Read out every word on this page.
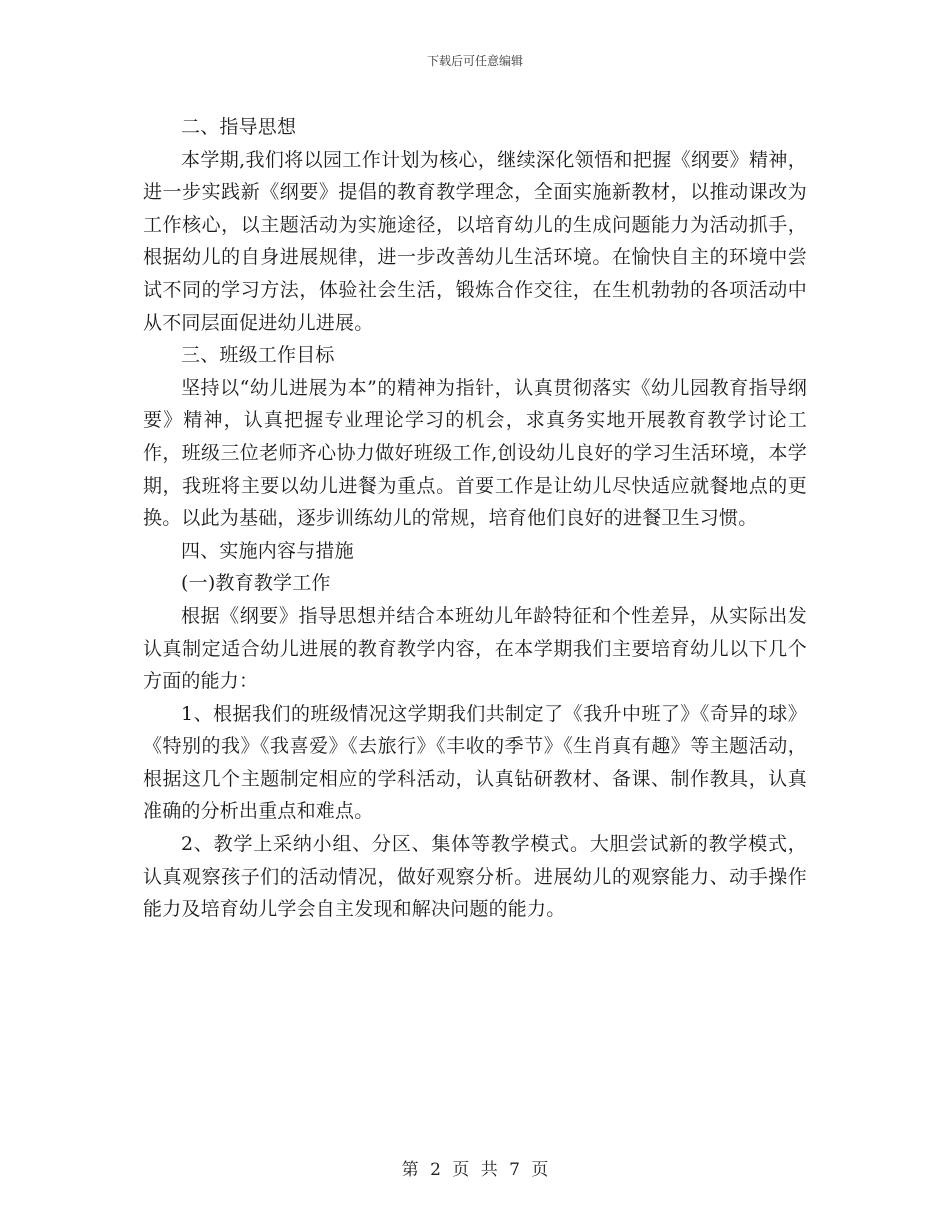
下载后可任意编辑

二、指导思想

本学期,我们将以园工作计划为核心，继续深化领悟和把握《纲要》精神，进一步实践新《纲要》提倡的教育教学理念，全面实施新教材，以推动课改为工作核心，以主题活动为实施途径，以培育幼儿的生成问题能力为活动抓手，根据幼儿的自身进展规律，进一步改善幼儿生活环境。在愉快自主的环境中尝试不同的学习方法，体验社会生活，锻炼合作交往，在生机勃勃的各项活动中从不同层面促进幼儿进展。

三、班级工作目标

坚持以“幼儿进展为本”的精神为指针，认真贯彻落实《幼儿园教育指导纲要》精神，认真把握专业理论学习的机会，求真务实地开展教育教学讨论工作，班级三位老师齐心协力做好班级工作,创设幼儿良好的学习生活环境，本学期，我班将主要以幼儿进餐为重点。首要工作是让幼儿尽快适应就餐地点的更换。以此为基础，逐步训练幼儿的常规，培育他们良好的进餐卫生习惯。

四、实施内容与措施

(一)教育教学工作

根据《纲要》指导思想并结合本班幼儿年龄特征和个性差异，从实际出发认真制定适合幼儿进展的教育教学内容，在本学期我们主要培育幼儿以下几个方面的能力：

1、根据我们的班级情况这学期我们共制定了《我升中班了》《奇异的球》《特别的我》《我喜爱》《去旅行》《丰收的季节》《生肖真有趣》等主题活动，根据这几个主题制定相应的学科活动，认真钻研教材、备课、制作教具，认真准确的分析出重点和难点。

2、教学上采纳小组、分区、集体等教学模式。大胆尝试新的教学模式，认真观察孩子们的活动情况，做好观察分析。进展幼儿的观察能力、动手操作能力及培育幼儿学会自主发现和解决问题的能力。

第 2 页 共 7 页
